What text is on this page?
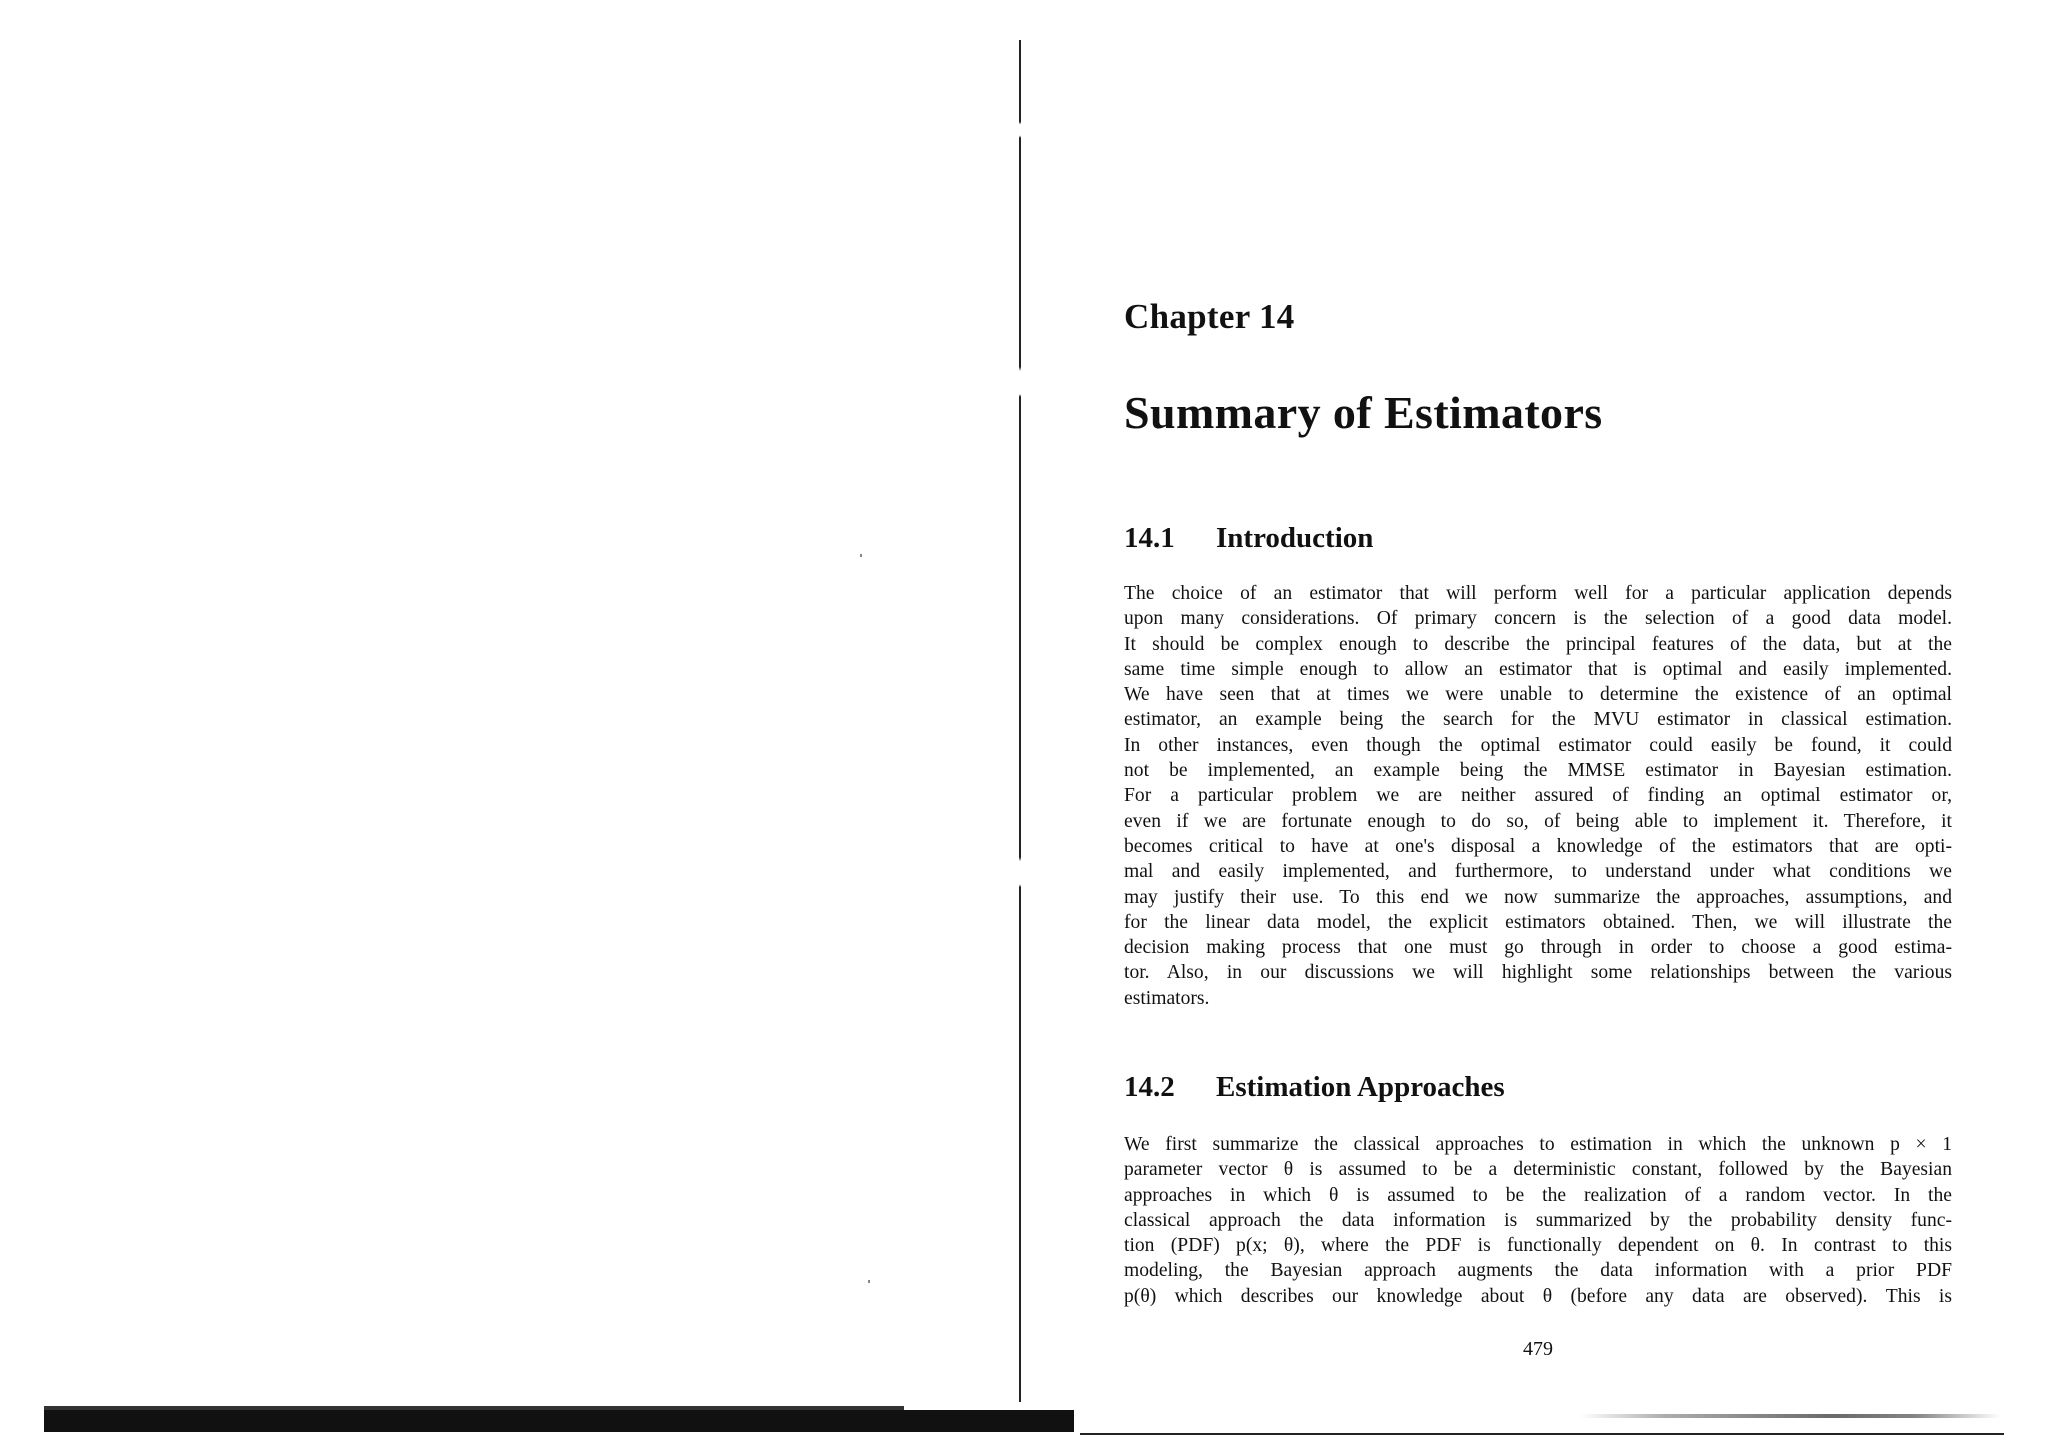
Chapter 14
Summary of Estimators
14.1 Introduction
The choice of an estimator that will perform well for a particular application depends
upon many considerations. Of primary concern is the selection of a good data model.
It should be complex enough to describe the principal features of the data, but at the
same time simple enough to allow an estimator that is optimal and easily implemented.
We have seen that at times we were unable to determine the existence of an optimal
estimator, an example being the search for the MVU estimator in classical estimation.
In other instances, even though the optimal estimator could easily be found, it could
not be implemented, an example being the MMSE estimator in Bayesian estimation.
For a particular problem we are neither assured of finding an optimal estimator or,
even if we are fortunate enough to do so, of being able to implement it. Therefore, it
becomes critical to have at one's disposal a knowledge of the estimators that are opti-
mal and easily implemented, and furthermore, to understand under what conditions we
may justify their use. To this end we now summarize the approaches, assumptions, and
for the linear data model, the explicit estimators obtained. Then, we will illustrate the
decision making process that one must go through in order to choose a good estima-
tor. Also, in our discussions we will highlight some relationships between the various
estimators.
14.2 Estimation Approaches
We first summarize the classical approaches to estimation in which the unknown p × 1
parameter vector θ is assumed to be a deterministic constant, followed by the Bayesian
approaches in which θ is assumed to be the realization of a random vector. In the
classical approach the data information is summarized by the probability density func-
tion (PDF) p(x; θ), where the PDF is functionally dependent on θ. In contrast to this
modeling, the Bayesian approach augments the data information with a prior PDF
p(θ) which describes our knowledge about θ (before any data are observed). This is
479
